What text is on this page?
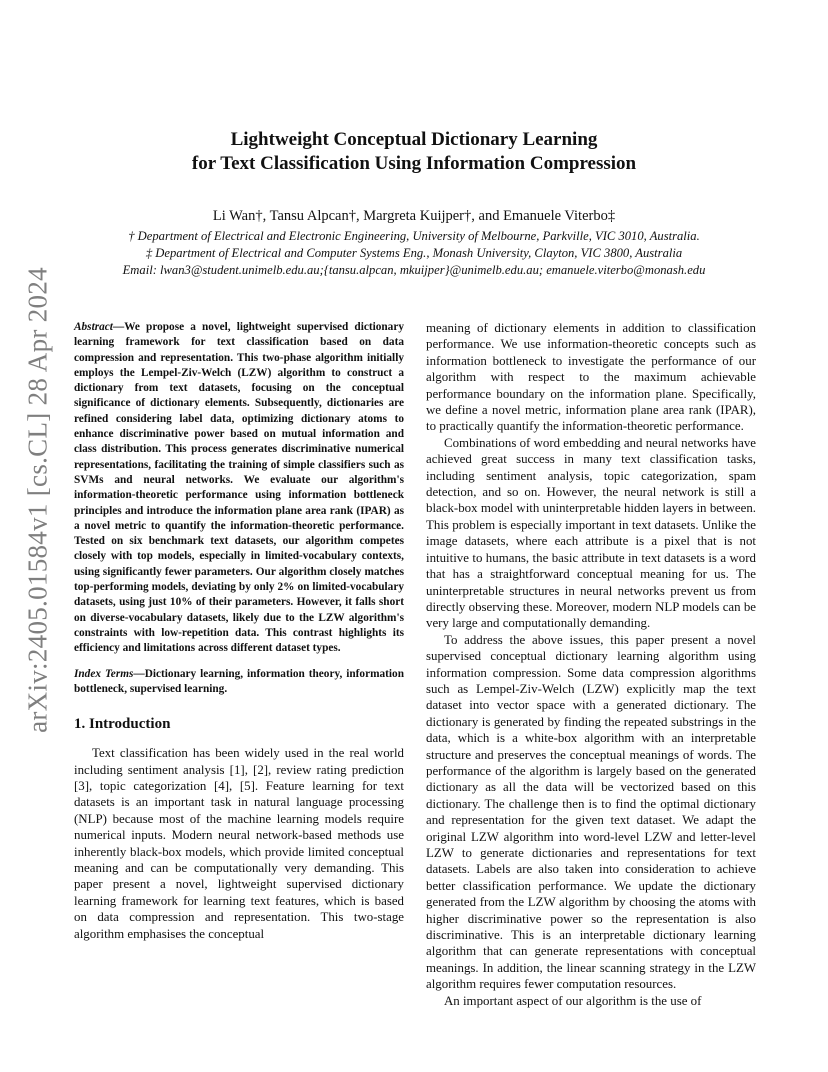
arXiv:2405.01584v1 [cs.CL] 28 Apr 2024
Lightweight Conceptual Dictionary Learning
for Text Classification Using Information Compression
Li Wan†, Tansu Alpcan†, Margreta Kuijper†, and Emanuele Viterbo‡
† Department of Electrical and Electronic Engineering, University of Melbourne, Parkville, VIC 3010, Australia.
‡ Department of Electrical and Computer Systems Eng., Monash University, Clayton, VIC 3800, Australia
Email: lwan3@student.unimelb.edu.au;{tansu.alpcan, mkuijper}@unimelb.edu.au; emanuele.viterbo@monash.edu

Abstract—We propose a novel, lightweight supervised dictionary learning framework for text classification based on data compression and representation. This two-phase algorithm initially employs the Lempel-Ziv-Welch (LZW) algorithm to construct a dictionary from text datasets, focusing on the conceptual significance of dictionary elements. Subsequently, dictionaries are refined considering label data, optimizing dictionary atoms to enhance discriminative power based on mutual information and class distribution. This process generates discriminative numerical representations, facilitating the training of simple classifiers such as SVMs and neural networks. We evaluate our algorithm's information-theoretic performance using information bottleneck principles and introduce the information plane area rank (IPAR) as a novel metric to quantify the information-theoretic performance. Tested on six benchmark text datasets, our algorithm competes closely with top models, especially in limited-vocabulary contexts, using significantly fewer parameters. Our algorithm closely matches top-performing models, deviating by only 2% on limited-vocabulary datasets, using just 10% of their parameters. However, it falls short on diverse-vocabulary datasets, likely due to the LZW algorithm's constraints with low-repetition data. This contrast highlights its efficiency and limitations across different dataset types.

Index Terms—Dictionary learning, information theory, information bottleneck, supervised learning.

1. Introduction

Text classification has been widely used in the real world including sentiment analysis [1], [2], review rating prediction [3], topic categorization [4], [5]. Feature learning for text datasets is an important task in natural language processing (NLP) because most of the machine learning models require numerical inputs. Modern neural network-based methods use inherently black-box models, which provide limited conceptual meaning and can be computationally very demanding. This paper present a novel, lightweight supervised dictionary learning framework for learning text features, which is based on data compression and representation. This two-stage algorithm emphasises the conceptual

meaning of dictionary elements in addition to classification performance. We use information-theoretic concepts such as information bottleneck to investigate the performance of our algorithm with respect to the maximum achievable performance boundary on the information plane. Specifically, we define a novel metric, information plane area rank (IPAR), to practically quantify the information-theoretic performance.

Combinations of word embedding and neural networks have achieved great success in many text classification tasks, including sentiment analysis, topic categorization, spam detection, and so on. However, the neural network is still a black-box model with uninterpretable hidden layers in between. This problem is especially important in text datasets. Unlike the image datasets, where each attribute is a pixel that is not intuitive to humans, the basic attribute in text datasets is a word that has a straightforward conceptual meaning for us. The uninterpretable structures in neural networks prevent us from directly observing these. Moreover, modern NLP models can be very large and computationally demanding.

To address the above issues, this paper present a novel supervised conceptual dictionary learning algorithm using information compression. Some data compression algorithms such as Lempel-Ziv-Welch (LZW) explicitly map the text dataset into vector space with a generated dictionary. The dictionary is generated by finding the repeated substrings in the data, which is a white-box algorithm with an interpretable structure and preserves the conceptual meanings of words. The performance of the algorithm is largely based on the generated dictionary as all the data will be vectorized based on this dictionary. The challenge then is to find the optimal dictionary and representation for the given text dataset. We adapt the original LZW algorithm into word-level LZW and letter-level LZW to generate dictionaries and representations for text datasets. Labels are also taken into consideration to achieve better classification performance. We update the dictionary generated from the LZW algorithm by choosing the atoms with higher discriminative power so the representation is also discriminative. This is an interpretable dictionary learning algorithm that can generate representations with conceptual meanings. In addition, the linear scanning strategy in the LZW algorithm requires fewer computation resources.

An important aspect of our algorithm is the use of
